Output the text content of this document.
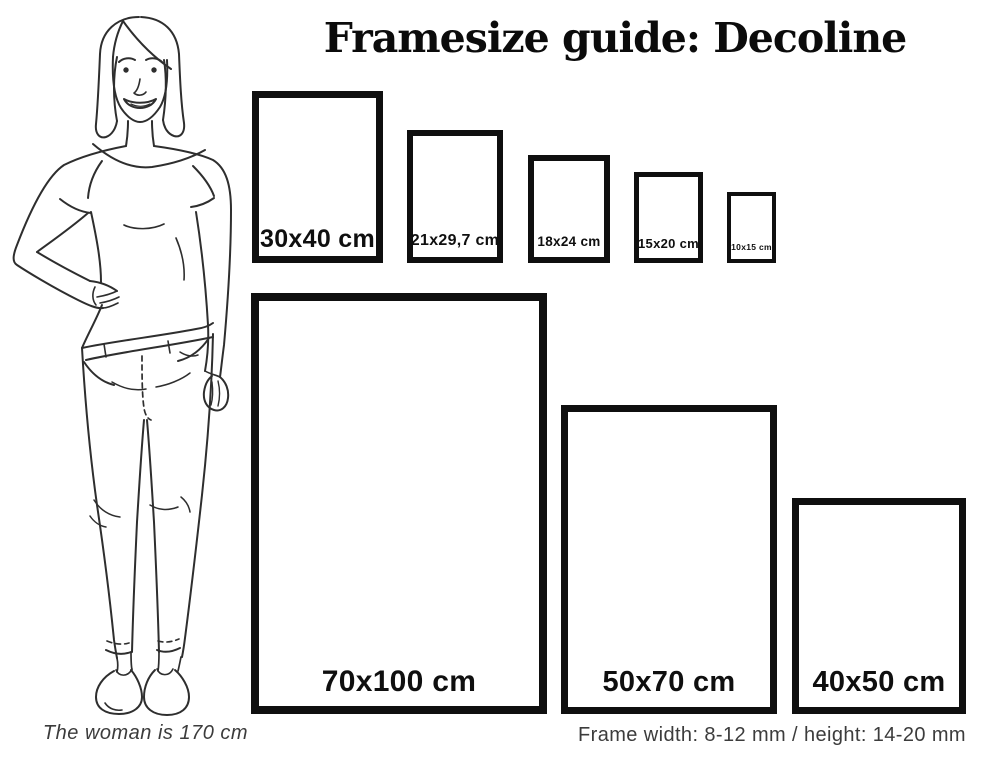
Framesize guide: Decoline
30x40 cm 21x29,7 cm	18x24 cm	15x20 cm	10x15 cm
70x100 cm	50x70 cm	40x50 cm
The woman is 170 cm	Frame width: 8-12 mm / height: 14-20 mm
